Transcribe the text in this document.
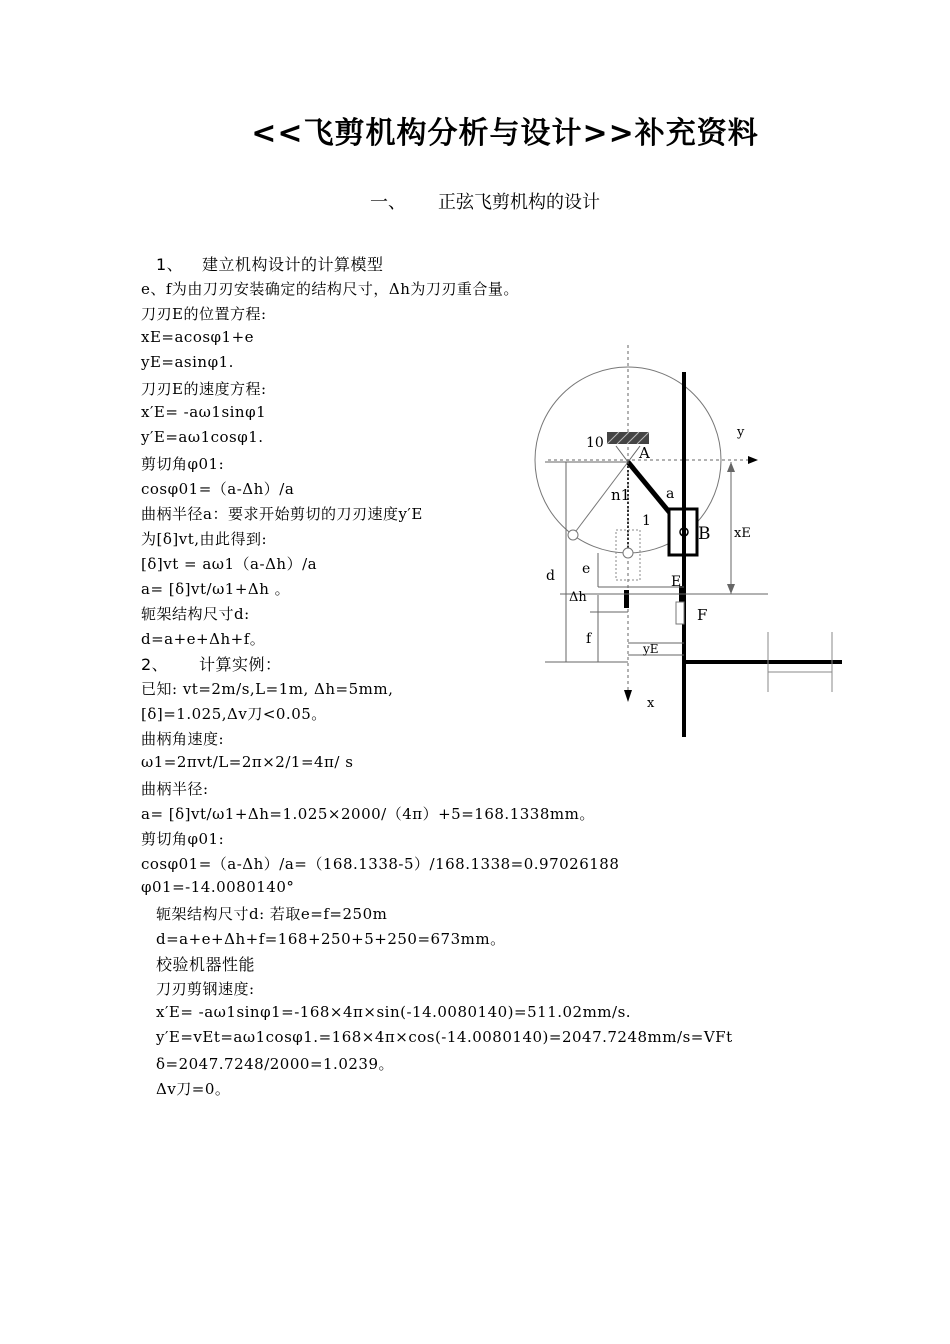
<<飞剪机构分析与设计>>补充资料
一、 正弦飞剪机构的设计
1、 建立机构设计的计算模型
e、f为由刀刃安装确定的结构尺寸，Δh为刀刃重合量。
刀刃E的位置方程:
xE=acosφ1+e
yE=asinφ1.
刀刃E的速度方程:
x′E= -aω1sinφ1
y′E=aω1cosφ1.
剪切角φ01:
cosφ01=（a-Δh）/a
曲柄半径a：要求开始剪切的刀刃速度y′E
为[δ]vt,由此得到:
[δ]vt = aω1（a-Δh）/a
a= [δ]vt/ω1+Δh 。
轭架结构尺寸d:
d=a+e+Δh+f。
2、 计算实例：
已知: vt=2m/s,L=1m, Δh=5mm,
[δ]=1.025,Δv刀<0.05。
曲柄角速度:
ω1=2πvt/L=2π×2/1=4π/ s
曲柄半径:
a= [δ]vt/ω1+Δh=1.025×2000/（4π）+5=168.1338mm。
剪切角φ01:
cosφ01=（a-Δh）/a=（168.1338-5）/168.1338=0.97026188
φ01=-14.0080140°
轭架结构尺寸d: 若取e=f=250m
d=a+e+Δh+f=168+250+5+250=673mm。
校验机器性能
刀刃剪钢速度:
x′E= -aω1sinφ1=-168×4π×sin(-14.0080140)=511.02mm/s.
y′E=vEt=aω1cosφ1.=168×4π×cos(-14.0080140)=2047.7248mm/s=VFt
δ=2047.7248/2000=1.0239。
Δv刀=0。
y
10
A
a
n1
1
B xE
d e
E
Δh
F
f
yE
x
